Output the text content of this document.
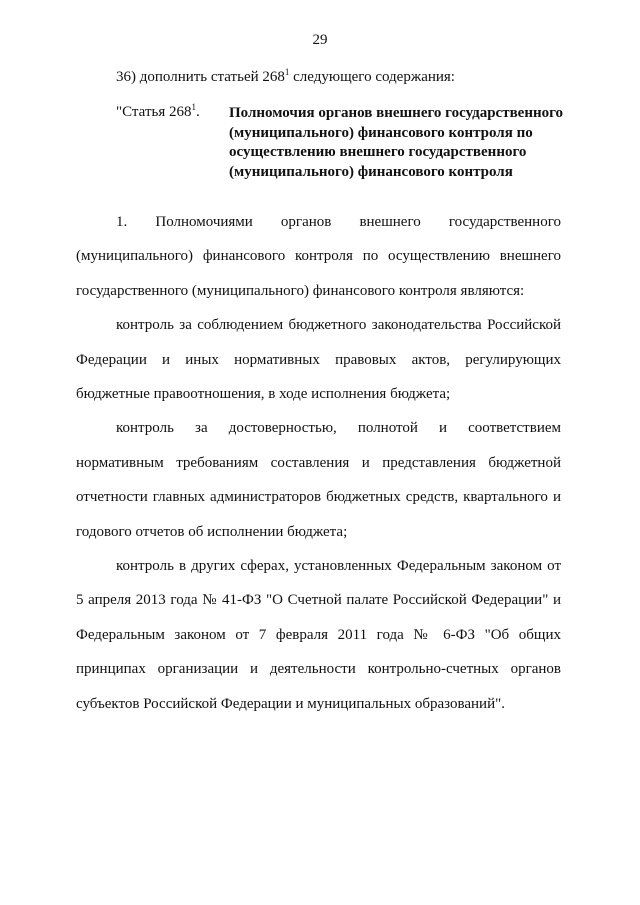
29
36) дополнить статьей $268^1$ следующего содержания:
"Статья $268^1$. Полномочия органов внешнего государственного (муниципального) финансового контроля по осуществлению внешнего государственного (муниципального) финансового контроля

1. Полномочиями органов внешнего государственного (муниципального) финансового контроля по осуществлению внешнего государственного (муниципального) финансового контроля являются:

контроль за соблюдением бюджетного законодательства Российской Федерации и иных нормативных правовых актов, регулирующих бюджетные правоотношения, в ходе исполнения бюджета;

контроль за достоверностью, полнотой и соответствием нормативным требованиям составления и представления бюджетной отчетности главных администраторов бюджетных средств, квартального и годового отчетов об исполнении бюджета;

контроль в других сферах, установленных Федеральным законом от 5 апреля 2013 года № 41-ФЗ "О Счетной палате Российской Федерации" и Федеральным законом от 7 февраля 2011 года № 6-ФЗ "Об общих принципах организации и деятельности контрольно-счетных органов субъектов Российской Федерации и муниципальных образований".
